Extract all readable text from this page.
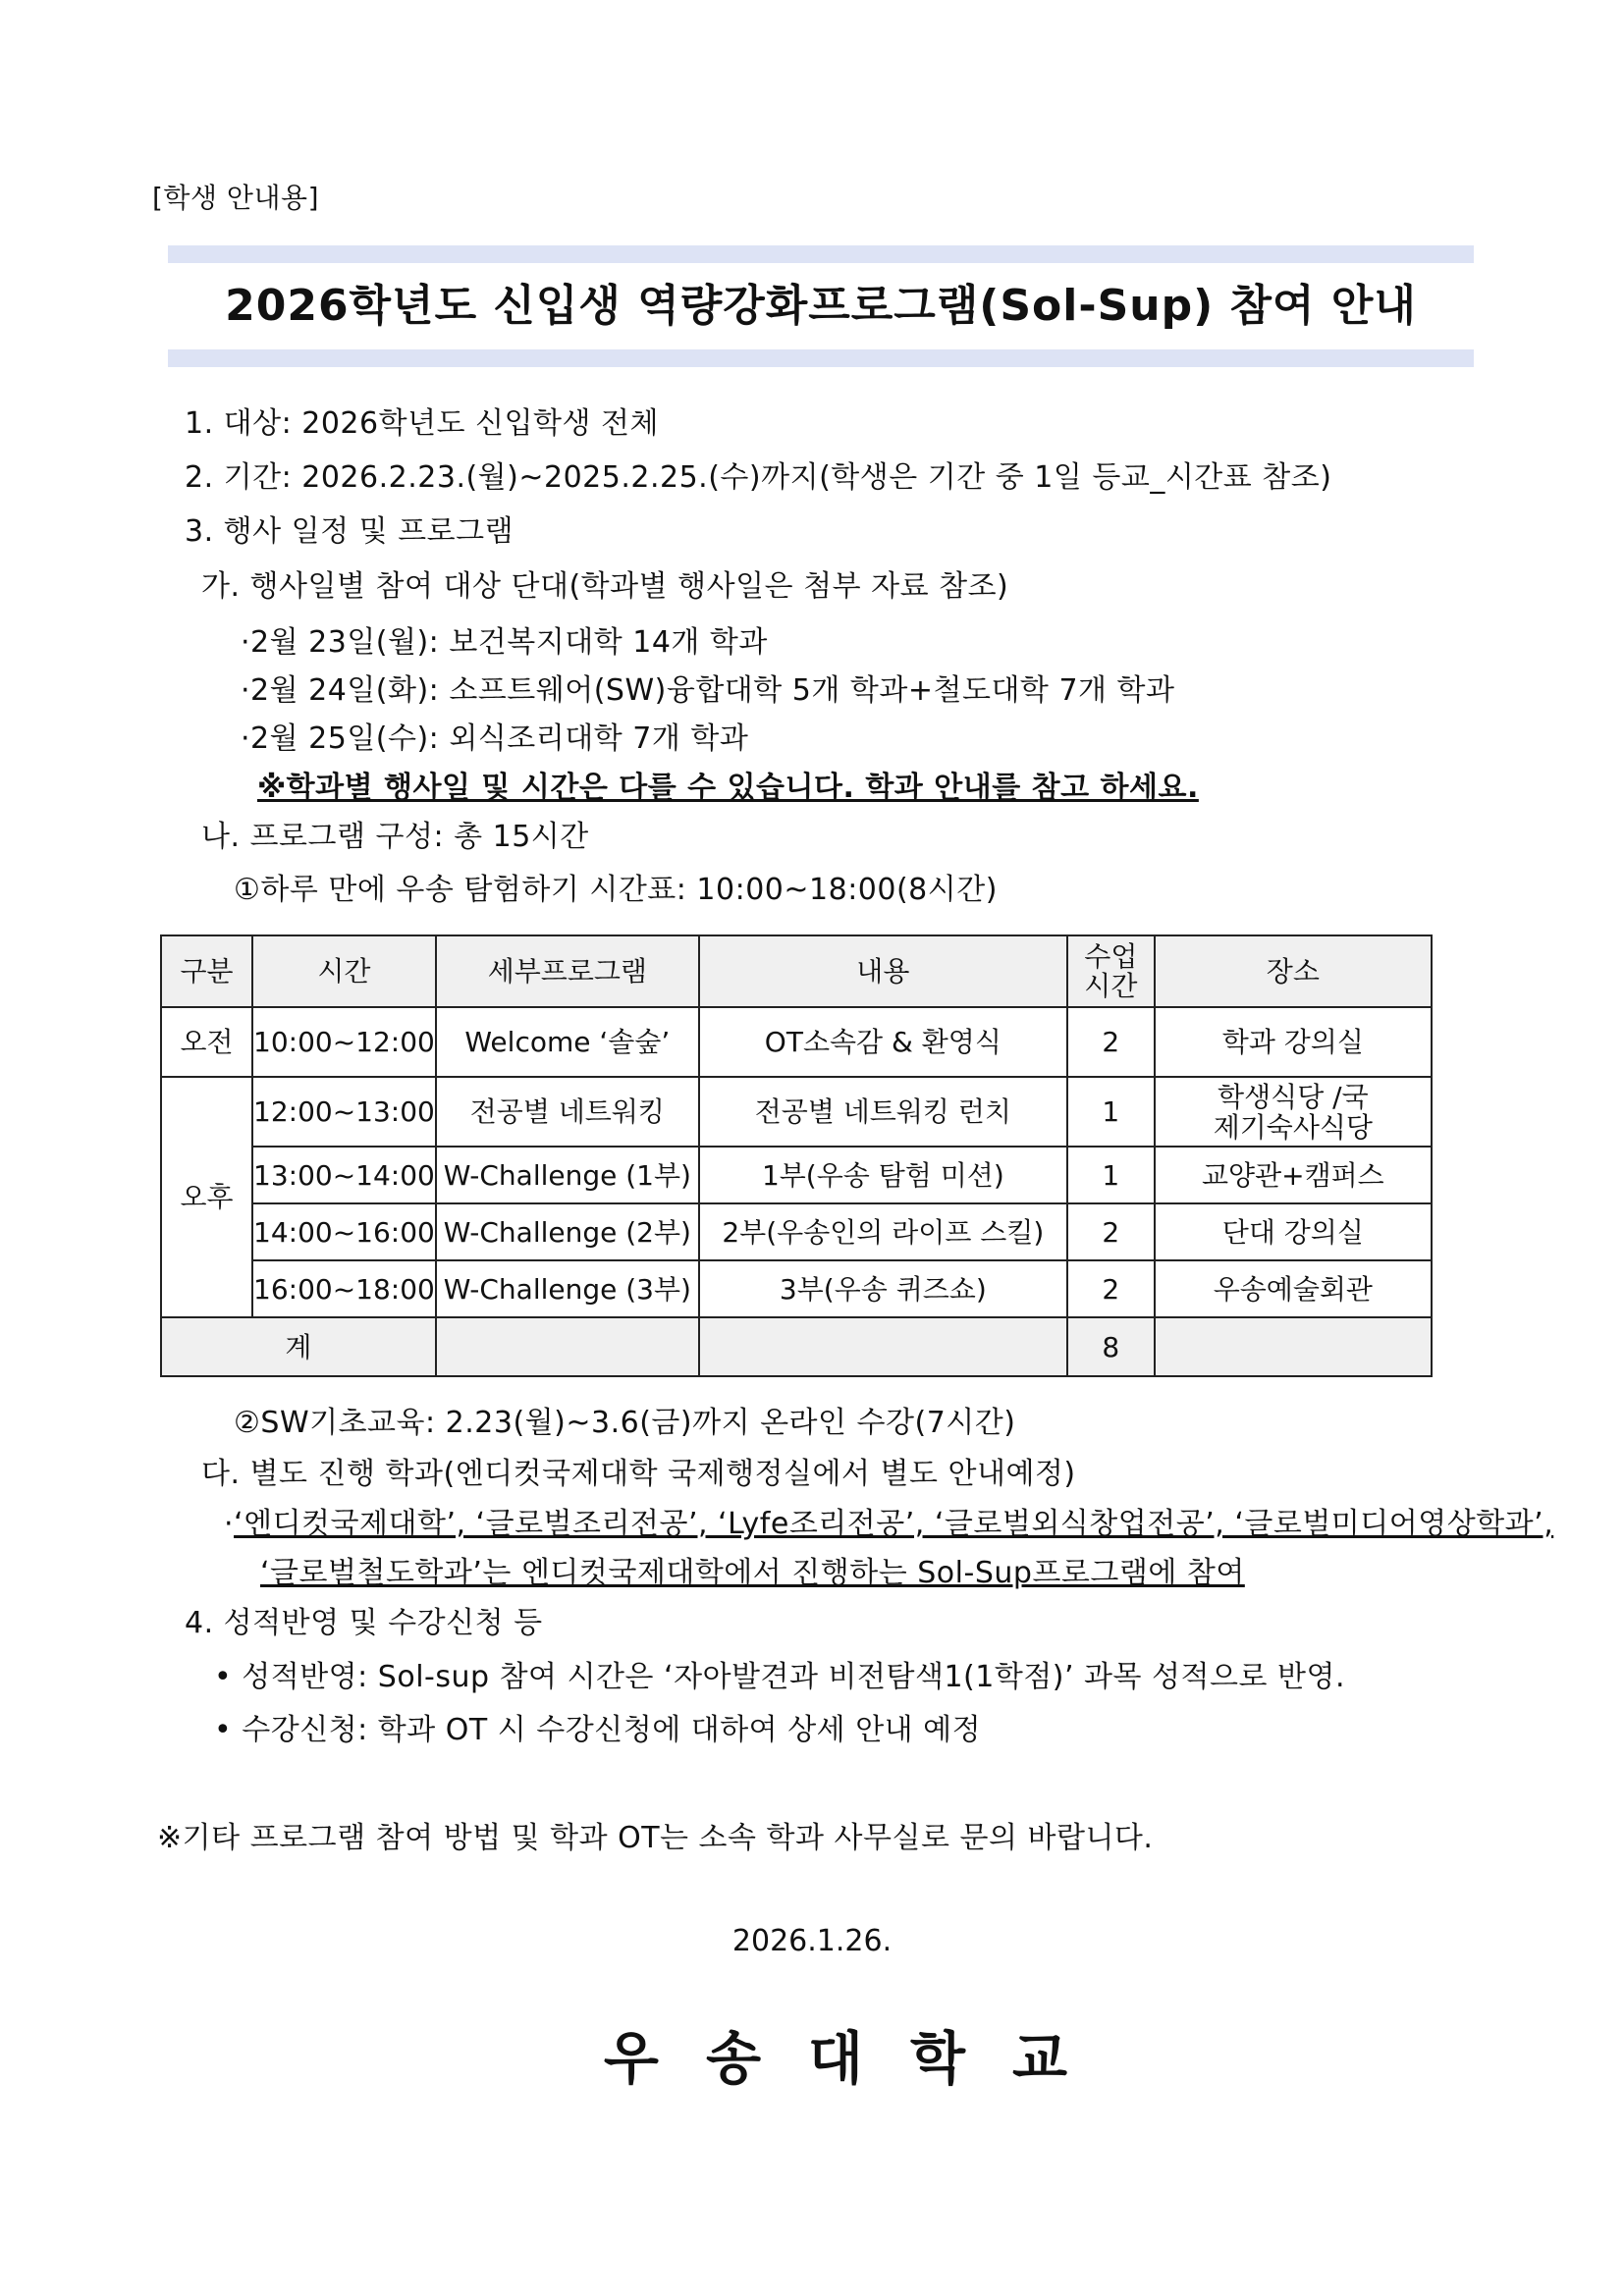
[학생 안내용]
2026학년도 신입생 역량강화프로그램(Sol-Sup) 참여 안내
1. 대상: 2026학년도 신입학생 전체
2. 기간: 2026.2.23.(월)~2025.2.25.(수)까지(학생은 기간 중 1일 등교_시간표 참조)
3. 행사 일정 및 프로그램
가. 행사일별 참여 대상 단대(학과별 행사일은 첨부 자료 참조)
·2월 23일(월): 보건복지대학 14개 학과
·2월 24일(화): 소프트웨어(SW)융합대학 5개 학과+철도대학 7개 학과
·2월 25일(수): 외식조리대학 7개 학과
※학과별 행사일 및 시간은 다를 수 있습니다. 학과 안내를 참고 하세요.
나. 프로그램 구성: 총 15시간
①하루 만에 우송 탐험하기 시간표: 10:00~18:00(8시간)
구분	시간	세부프로그램	내용	수업 시간	장소
오전	10:00~12:00	Welcome ‘솔숲’	OT소속감 & 환영식	2	학과 강의실
오후	12:00~13:00	전공별 네트워킹	전공별 네트워킹 런치	1	학생식당 /국제기숙사식당
	13:00~14:00	W-Challenge (1부)	1부(우송 탐험 미션)	1	교양관+캠퍼스
	14:00~16:00	W-Challenge (2부)	2부(우송인의 라이프 스킬)	2	단대 강의실
	16:00~18:00	W-Challenge (3부)	3부(우송 퀴즈쇼)	2	우송예술회관
계				8	
②SW기초교육: 2.23(월)~3.6(금)까지 온라인 수강(7시간)
다. 별도 진행 학과(엔디컷국제대학 국제행정실에서 별도 안내예정)
·‘엔디컷국제대학’, ‘글로벌조리전공’, ‘Lyfe조리전공’, ‘글로벌외식창업전공’, ‘글로벌미디어영상학과’,
‘글로벌철도학과’는 엔디컷국제대학에서 진행하는 Sol-Sup프로그램에 참여
4. 성적반영 및 수강신청 등
• 성적반영: Sol-sup 참여 시간은 ‘자아발견과 비전탐색1(1학점)’ 과목 성적으로 반영.
• 수강신청: 학과 OT 시 수강신청에 대하여 상세 안내 예정
※기타 프로그램 참여 방법 및 학과 OT는 소속 학과 사무실로 문의 바랍니다.
2026.1.26.
우송대학교
